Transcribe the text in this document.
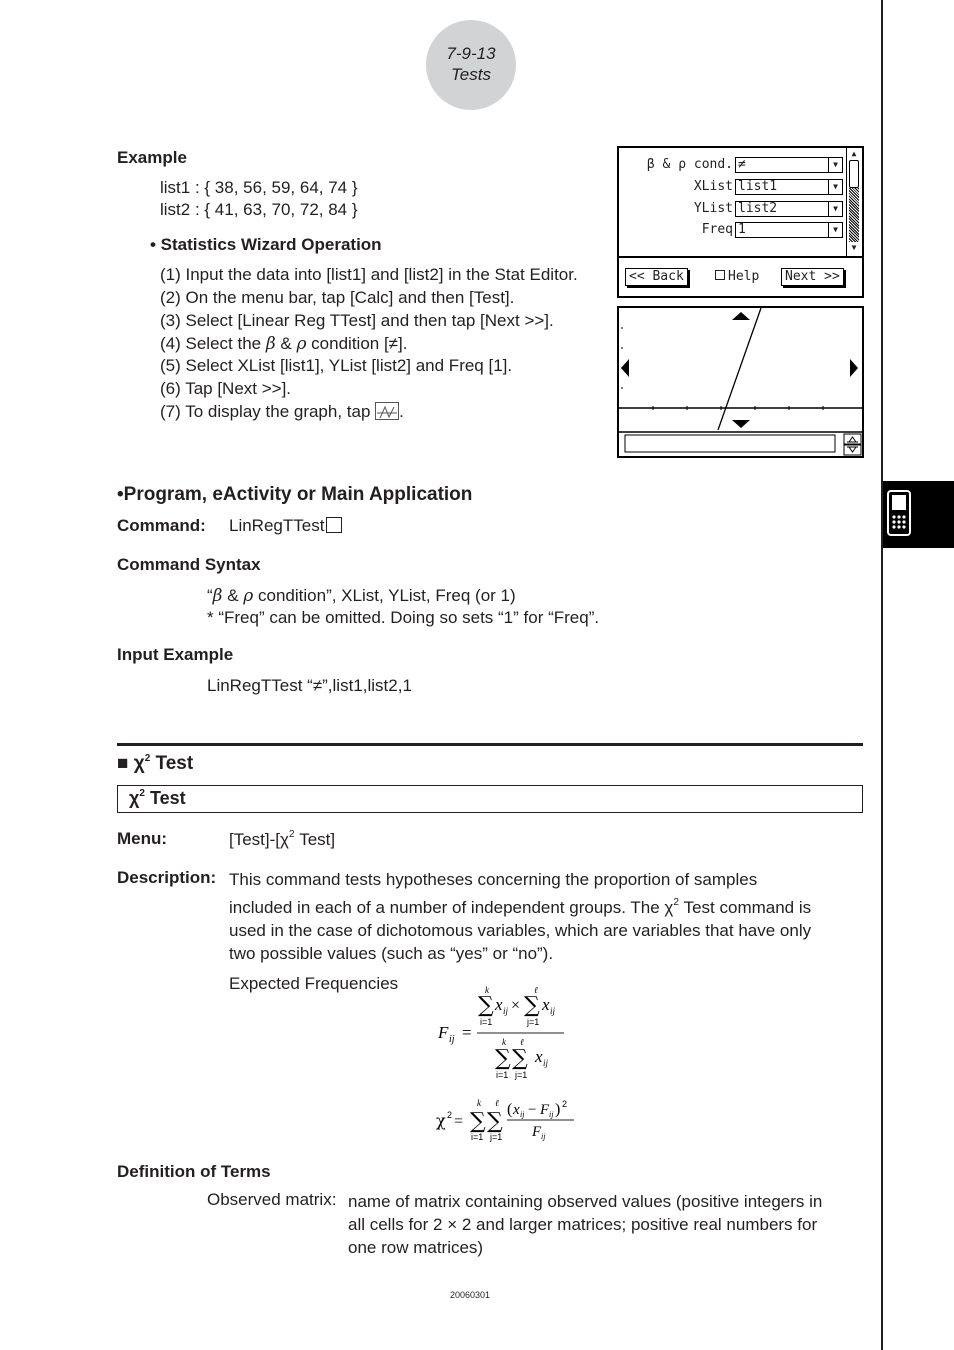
7-9-13
Tests
Example
list1 : { 38, 56, 59, 64, 74 }
list2 : { 41, 63, 70, 72, 84 }
• Statistics Wizard Operation
(1) Input the data into [list1] and [list2] in the Stat Editor.
(2) On the menu bar, tap [Calc] and then [Test].
(3) Select [Linear Reg TTest] and then tap [Next >>].
(4) Select the β & ρ condition [≠].
(5) Select XList [list1], YList [list2] and Freq [1].
(6) Tap [Next >>].
(7) To display the graph, tap .
β & ρ cond. ≠	▼
XList list1	▼
YList list2	▼
Freq 1	▼
▲
▼
<< Back	Help	Next >>
•Program, eActivity or Main Application
Command: LinRegTTest
Command Syntax
“β & ρ condition”, XList, YList, Freq (or 1)
* “Freq” can be omitted. Doing so sets “1” for “Freq”.
Input Example
LinRegTTest “≠”,list1,list2,1
■ $\chi^2$ Test
$\chi^2$ Test
Menu:	$[Test]-[\chi^2$ Test]
Description: This command tests hypotheses concerning the proportion of samples
included in each of a number of independent groups. The $\chi^2$ Test command is
used in the case of dichotomous variables, which are variables that have only
two possible values (such as “yes” or “no”).
Expected Frequencies
F ij =
k
∑
i=1
x ij ×
ℓ
∑
j=1
x ij
k
∑
i=1
ℓ
∑
j=1
x ij
χ 2 =
k
∑
i=1
ℓ
∑
j=1
( x ij − F ij ) 2
F ij
Definition of Terms
Observed matrix: name of matrix containing observed values (positive integers in
all cells for 2 × 2 and larger matrices; positive real numbers for
one row matrices)
20060301
